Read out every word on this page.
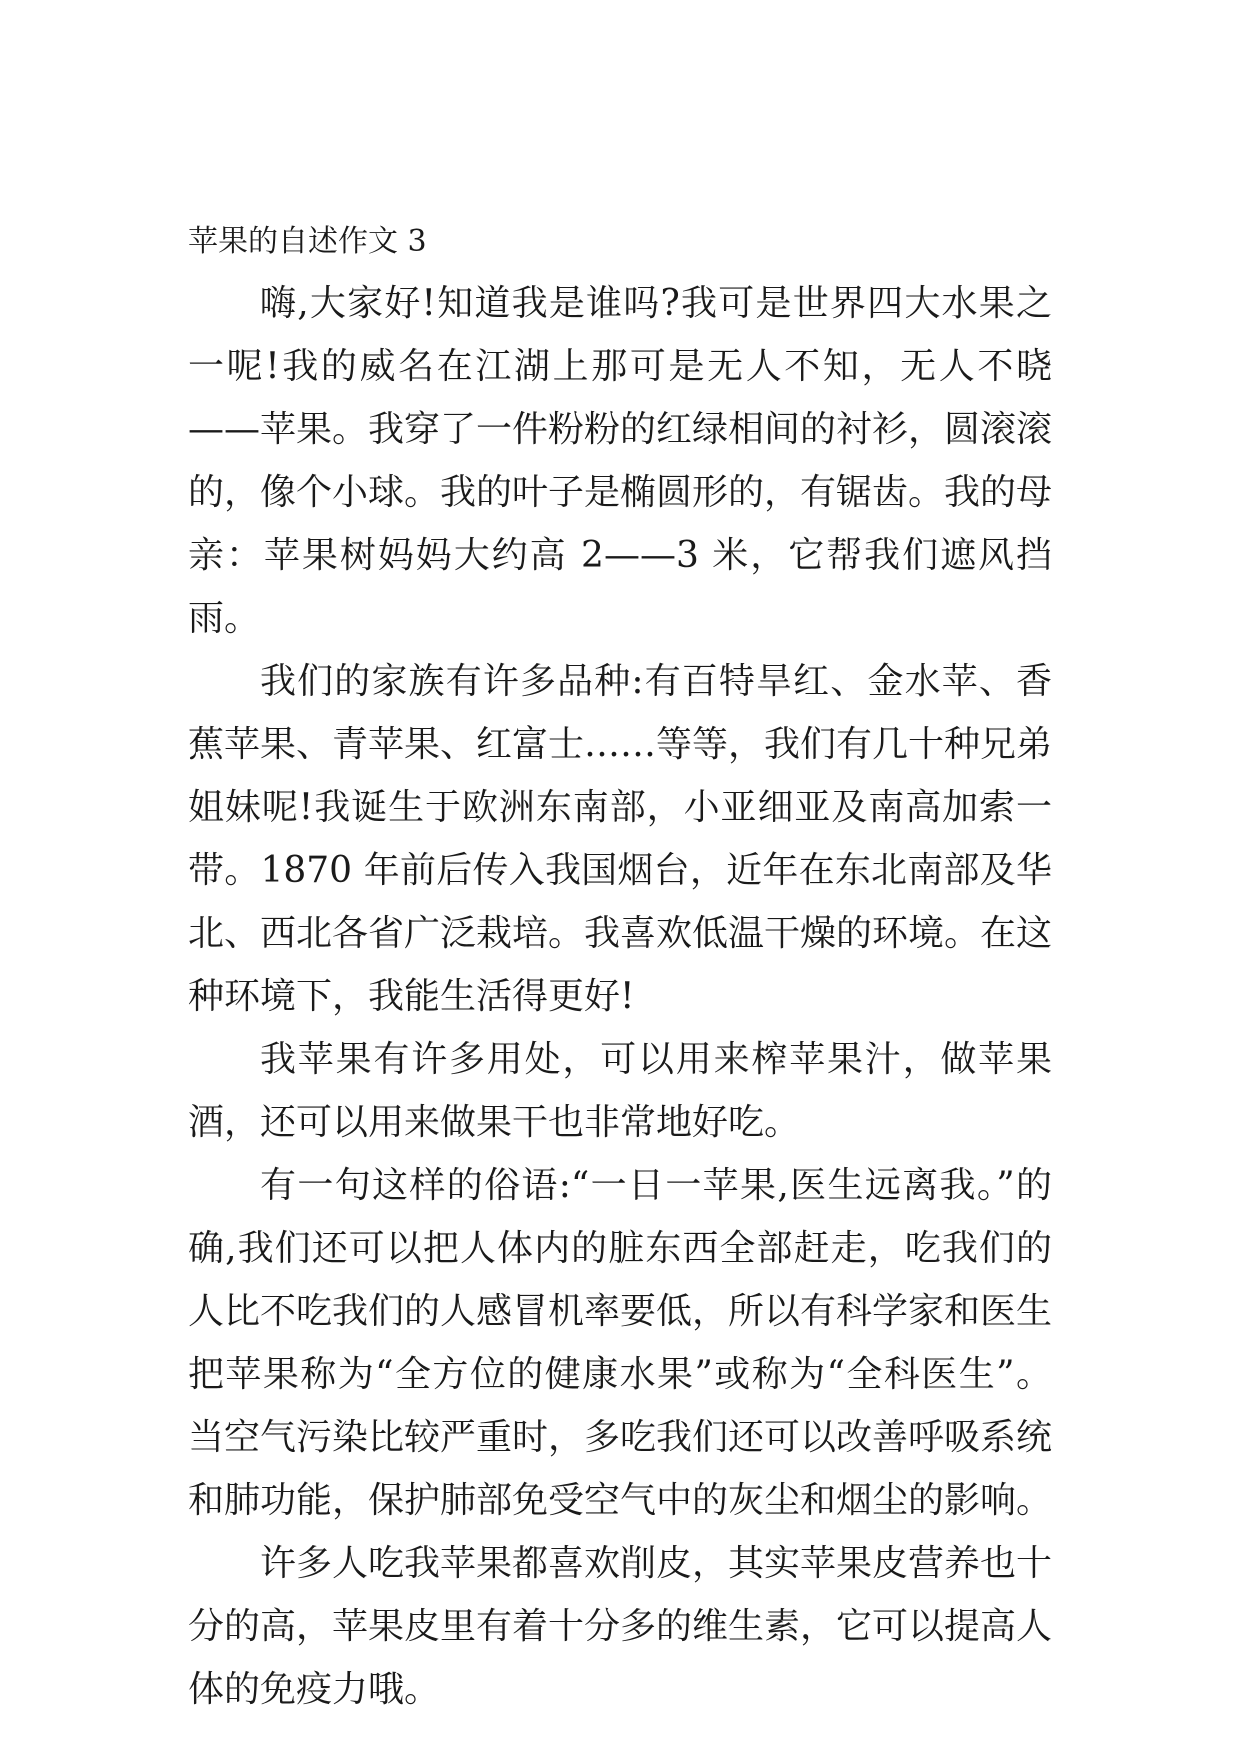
苹果的自述作文 3

嗨,大家好!知道我是谁吗?我可是世界四大水果之一呢!我的威名在江湖上那可是无人不知，无人不晓——苹果。我穿了一件粉粉的红绿相间的衬衫，圆滚滚的，像个小球。我的叶子是椭圆形的，有锯齿。我的母亲：苹果树妈妈大约高 2——3 米，它帮我们遮风挡雨。

我们的家族有许多品种:有百特旱红、金水苹、香蕉苹果、青苹果、红富士……等等，我们有几十种兄弟姐妹呢!我诞生于欧洲东南部，小亚细亚及南高加索一带。1870 年前后传入我国烟台，近年在东北南部及华北、西北各省广泛栽培。我喜欢低温干燥的环境。在这种环境下，我能生活得更好!

我苹果有许多用处，可以用来榨苹果汁，做苹果酒，还可以用来做果干也非常地好吃。

有一句这样的俗语:“一日一苹果,医生远离我。”的确,我们还可以把人体内的脏东西全部赶走，吃我们的人比不吃我们的人感冒机率要低，所以有科学家和医生把苹果称为“全方位的健康水果”或称为“全科医生”。当空气污染比较严重时，多吃我们还可以改善呼吸系统和肺功能，保护肺部免受空气中的灰尘和烟尘的影响。

许多人吃我苹果都喜欢削皮，其实苹果皮营养也十分的高，苹果皮里有着十分多的维生素，它可以提高人体的免疫力哦。
